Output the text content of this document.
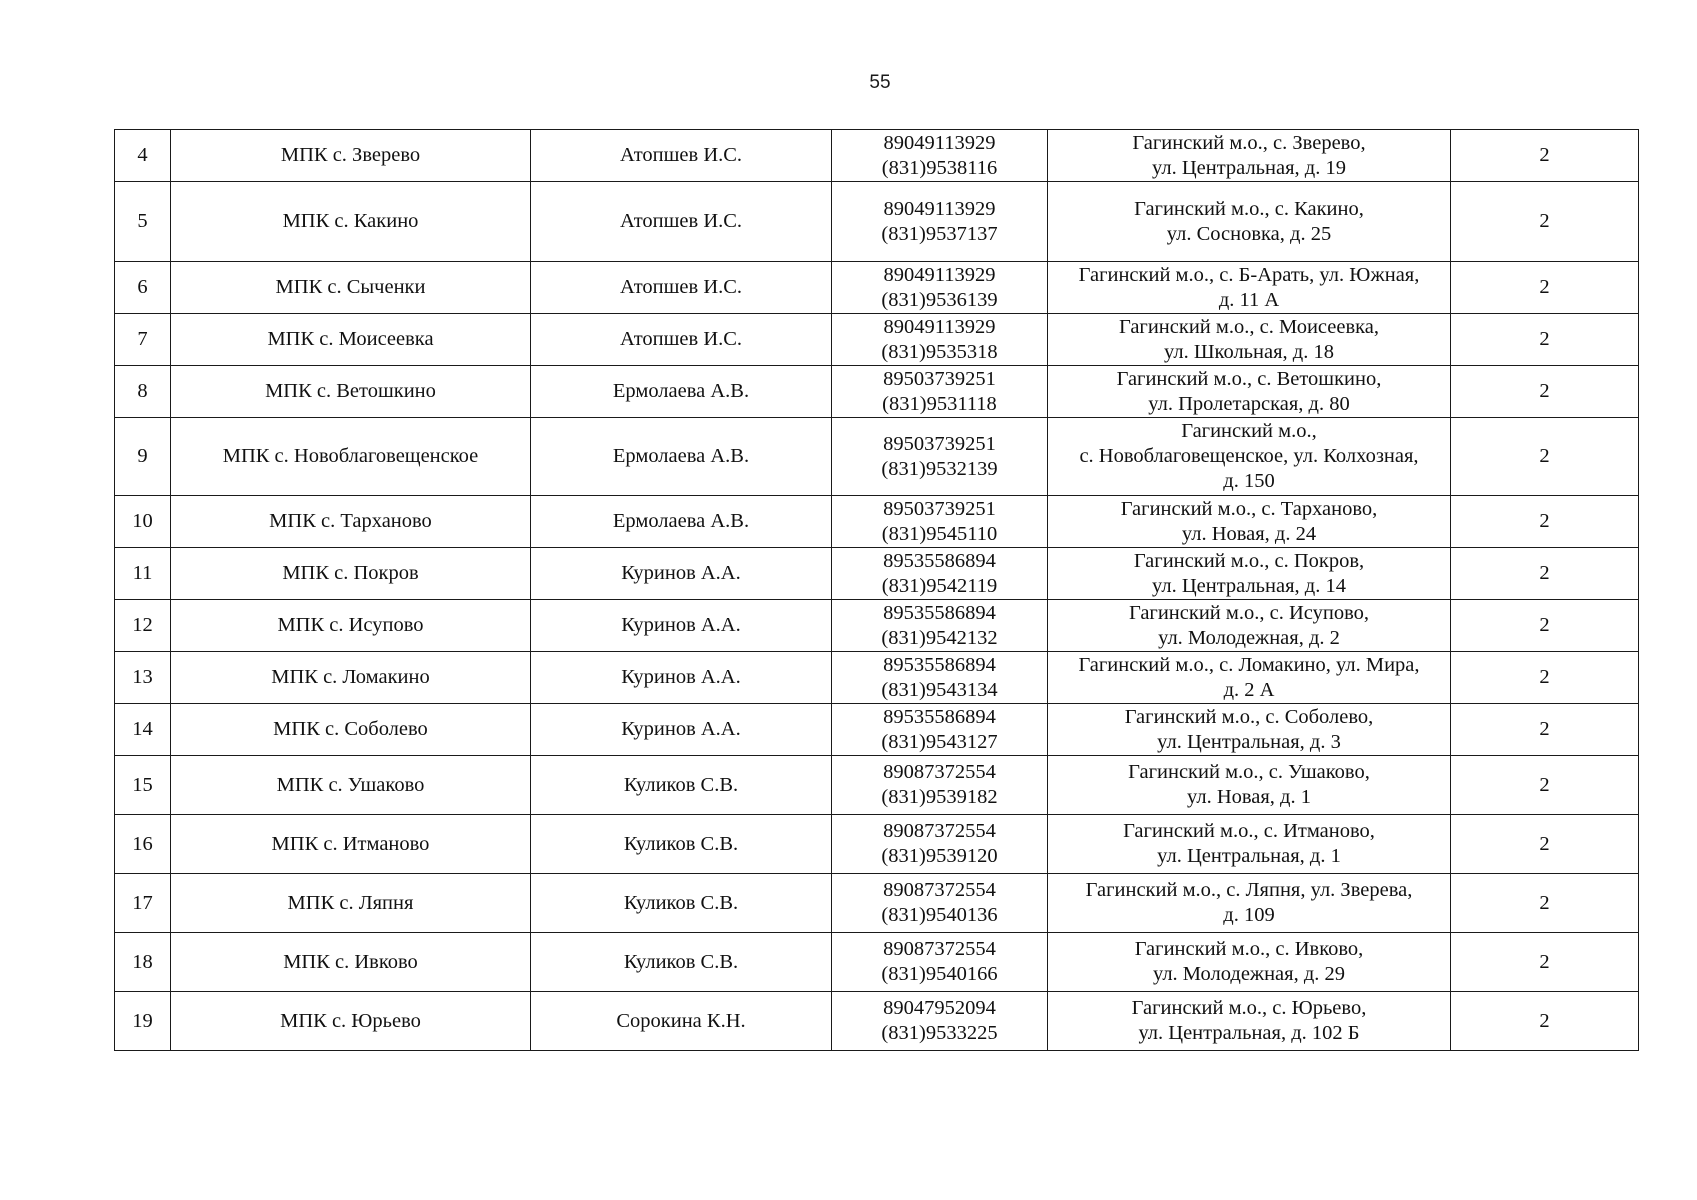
55
4	МПК с. Зверево	Атопшев И.С.	89049113929
(831)9538116	Гагинский м.о., с. Зверево,
ул. Центральная, д. 19	2
5	МПК с. Какино	Атопшев И.С.	89049113929
(831)9537137	Гагинский м.о., с. Какино,
ул. Сосновка, д. 25	2
6	МПК с. Сыченки	Атопшев И.С.	89049113929
(831)9536139	Гагинский м.о., с. Б-Арать, ул. Южная,
д. 11 А	2
7	МПК с. Моисеевка	Атопшев И.С.	89049113929
(831)9535318	Гагинский м.о., с. Моисеевка,
ул. Школьная, д. 18	2
8	МПК с. Ветошкино	Ермолаева А.В.	89503739251
(831)9531118	Гагинский м.о., с. Ветошкино,
ул. Пролетарская, д. 80	2
9	МПК с. Новоблаговещенское	Ермолаева А.В.	89503739251
(831)9532139	Гагинский м.о.,
с. Новоблаговещенское, ул. Колхозная,
д. 150	2
10	МПК с. Тарханово	Ермолаева А.В.	89503739251
(831)9545110	Гагинский м.о., с. Тарханово,
ул. Новая, д. 24	2
11	МПК с. Покров	Куринов А.А.	89535586894
(831)9542119	Гагинский м.о., с. Покров,
ул. Центральная, д. 14	2
12	МПК с. Исупово	Куринов А.А.	89535586894
(831)9542132	Гагинский м.о., с. Исупово,
ул. Молодежная, д. 2	2
13	МПК с. Ломакино	Куринов А.А.	89535586894
(831)9543134	Гагинский м.о., с. Ломакино, ул. Мира,
д. 2 А	2
14	МПК с. Соболево	Куринов А.А.	89535586894
(831)9543127	Гагинский м.о., с. Соболево,
ул. Центральная, д. 3	2
15	МПК с. Ушаково	Куликов С.В.	89087372554
(831)9539182	Гагинский м.о., с. Ушаково,
ул. Новая, д. 1	2
16	МПК с. Итманово	Куликов С.В.	89087372554
(831)9539120	Гагинский м.о., с. Итманово,
ул. Центральная, д. 1	2
17	МПК с. Ляпня	Куликов С.В.	89087372554
(831)9540136	Гагинский м.о., с. Ляпня, ул. Зверева,
д. 109	2
18	МПК с. Ивково	Куликов С.В.	89087372554
(831)9540166	Гагинский м.о., с. Ивково,
ул. Молодежная, д. 29	2
19	МПК с. Юрьево	Сорокина К.Н.	89047952094
(831)9533225	Гагинский м.о., с. Юрьево,
ул. Центральная, д. 102 Б	2
